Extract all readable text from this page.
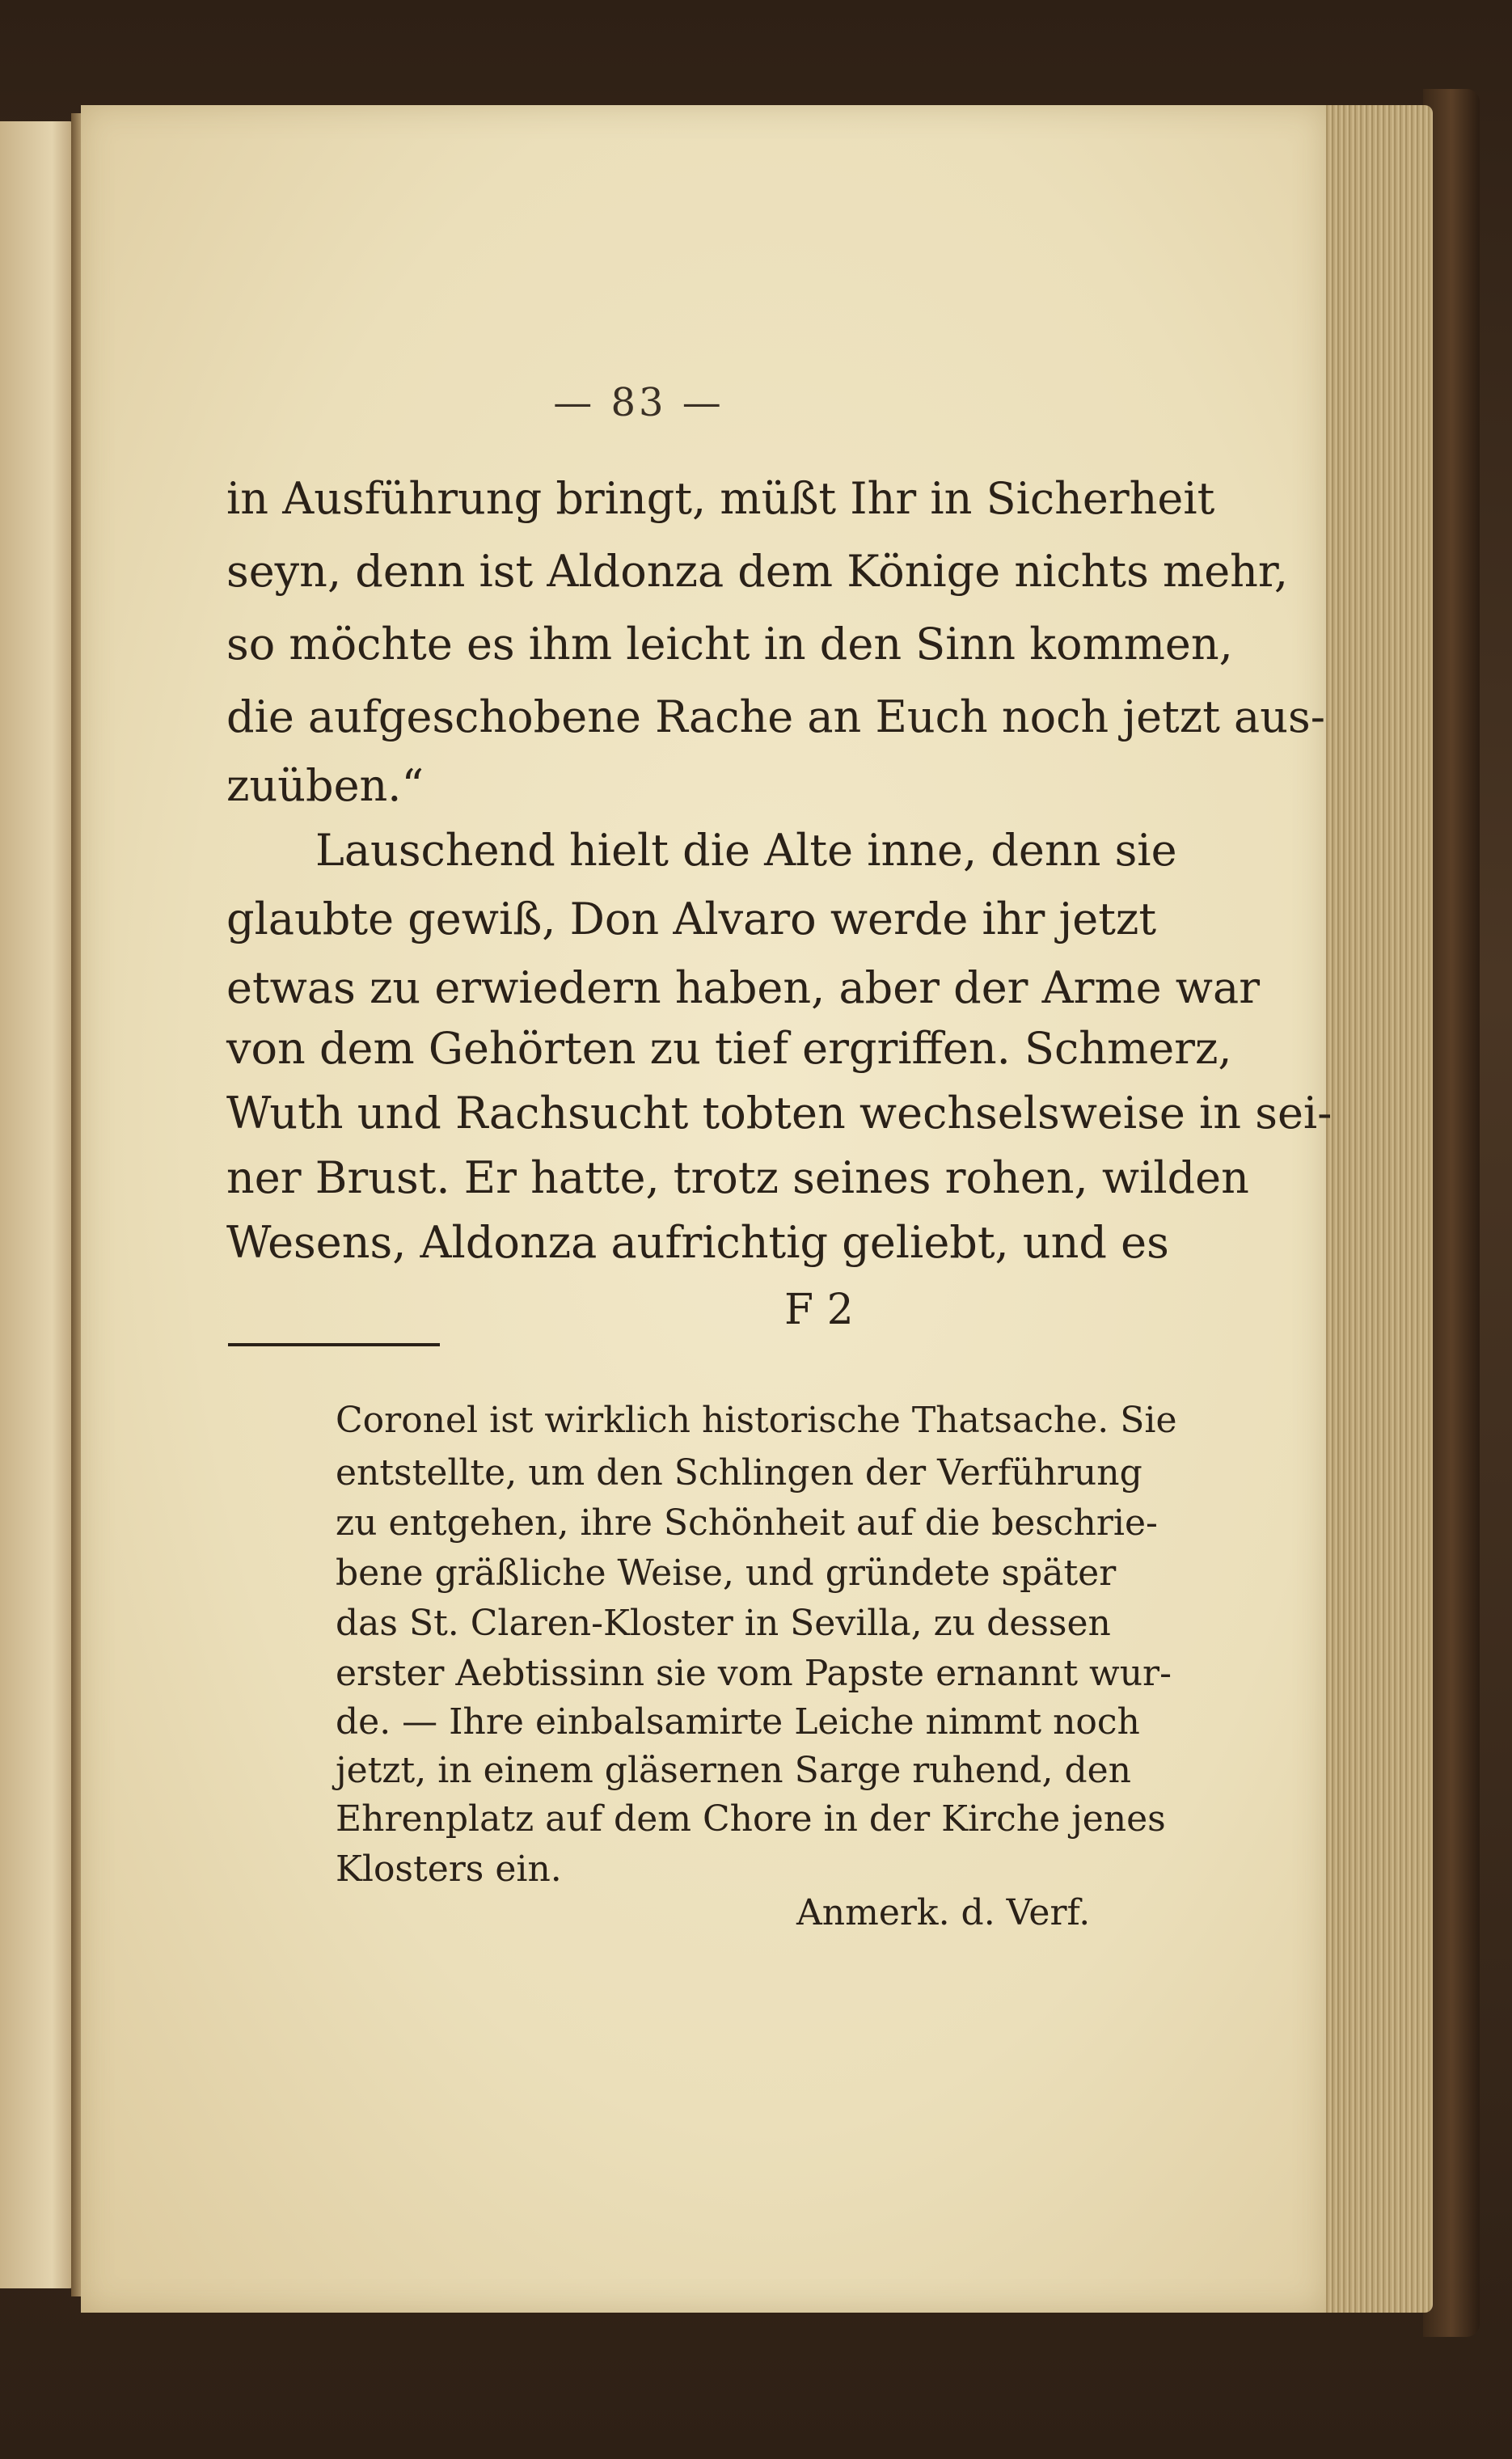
— 83 —
in Ausführung bringt, müßt Ihr in Sicherheit
seyn, denn ist Aldonza dem Könige nichts mehr,
so möchte es ihm leicht in den Sinn kommen,
die aufgeschobene Rache an Euch noch jetzt aus-
zuüben.“
Lauschend hielt die Alte inne, denn sie
glaubte gewiß, Don Alvaro werde ihr jetzt
etwas zu erwiedern haben, aber der Arme war
von dem Gehörten zu tief ergriffen. Schmerz,
Wuth und Rachsucht tobten wechselsweise in sei-
ner Brust. Er hatte, trotz seines rohen, wilden
Wesens, Aldonza aufrichtig geliebt, und es
F 2
Coronel ist wirklich historische Thatsache. Sie
entstellte, um den Schlingen der Verführung
zu entgehen, ihre Schönheit auf die beschrie-
bene gräßliche Weise, und gründete später
das St. Claren-Kloster in Sevilla, zu dessen
erster Aebtissinn sie vom Papste ernannt wur-
de. — Ihre einbalsamirte Leiche nimmt noch
jetzt, in einem gläsernen Sarge ruhend, den
Ehrenplatz auf dem Chore in der Kirche jenes
Klosters ein.
Anmerk. d. Verf.
